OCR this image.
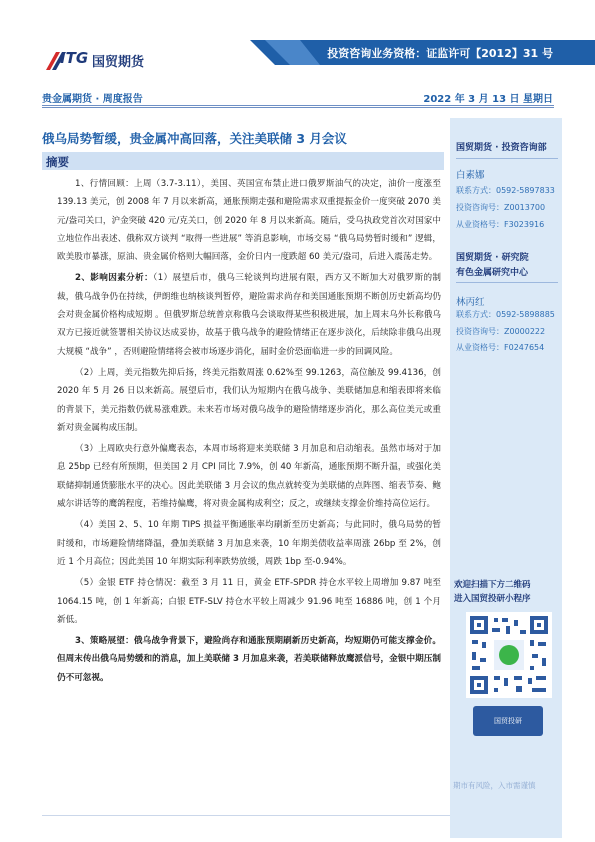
ITG 国贸期货
投资咨询业务资格：证监许可【2012】31 号
贵金属期货 · 周度报告	2022 年 3 月 13 日 星期日
俄乌局势暂缓，贵金属冲高回落，关注美联储 3 月会议
摘要

1、行情回顾：上周（3.7-3.11），美国、英国宣布禁止进口俄罗斯油气的决定，油价一度涨至 139.13 美元，创 2008 年 7 月以来新高，通胀预期走强和避险需求双重提振金价一度突破 2070 美元/盎司关口，沪金突破 420 元/克关口，创 2020 年 8 月以来新高。随后，受乌执政党首次对国家中立地位作出表述、俄称双方谈判 “取得一些进展” 等消息影响，市场交易 “俄乌局势暂时缓和” 逻辑，欧美股市暴涨，原油、贵金属价格则大幅回落，金价日内一度跌超 60 美元/盎司，后进入震荡走势。

2、影响因素分析：（1）展望后市，俄乌三轮谈判均进展有限，西方又不断加大对俄罗斯的制裁，俄乌战争仍在持续，伊朗维也纳核谈判暂停，避险需求尚存和美国通胀预期不断创历史新高均仍会对贵金属价格构成短期 。但俄罗斯总统普京称俄乌会谈取得某些积极进展，加上周末乌外长称俄乌双方已接近就签署相关协议达成妥协，故基于俄乌战争的避险情绪正在逐步淡化，后续除非俄乌出现大规模 “战争” ，否则避险情绪将会被市场逐步消化，届时金价恐面临进一步的回调风险。

（2）上周，美元指数先抑后扬，终美元指数周涨 0.62%至 99.1263，高位触及 99.4136，创 2020 年 5 月 26 日以来新高。展望后市，我们认为短期内在俄乌战争、美联储加息和缩表即将来临的背景下，美元指数仍就易涨难跌。未来若市场对俄乌战争的避险情绪逐步消化，那么高位美元或重新对贵金属构成压制。

（3）上周欧央行意外偏鹰表态，本周市场将迎来美联储 3 月加息和启动缩表。虽然市场对于加息 25bp 已经有所预期，但美国 2 月 CPI 同比 7.9%，创 40 年新高，通胀预期不断升温，或强化美联储抑制通货膨胀水平的决心。因此美联储 3 月会议的焦点就转变为美联储的点阵图、缩表节奏、鲍威尔讲话等的鹰鸽程度，若维持偏鹰，将对贵金属构成利空；反之，或继续支撑金价维持高位运行。

（4）美国 2、5、10 年期 TIPS 损益平衡通胀率均刷新至历史新高；与此同时，俄乌局势的暂时缓和，市场避险情绪降温，叠加美联储 3 月加息来袭，10 年期美债收益率周涨 26bp 至 2%，创近 1 个月高位；因此美国 10 年期实际利率跌势放缓，周跌 1bp 至-0.94%。

（5）金银 ETF 持仓情况：截至 3 月 11 日，黄金 ETF-SPDR 持仓水平较上周增加 9.87 吨至 1064.15 吨，创 1 年新高；白银 ETF-SLV 持仓水平较上周减少 91.96 吨至 16886 吨，创 1 个月新低。

3、策略展望：俄乌战争背景下，避险尚存和通胀预期刷新历史新高，均短期仍可能支撑金价。但周末传出俄乌局势缓和的消息，加上美联储 3 月加息来袭，若美联储释放鹰派信号，金银中期压制仍不可忽视。

国贸期货 · 投资咨询部
白素娜
联系方式：0592-5897833
投资咨询号：Z0013700
从业资格号：F3023916
国贸期货 · 研究院
有色金属研究中心
林丙红
联系方式：0592-5898885
投资咨询号：Z0000222
从业资格号：F0247654
欢迎扫描下方二维码
进入国贸投研小程序
国贸投研
期市有风险，入市需谨慎
